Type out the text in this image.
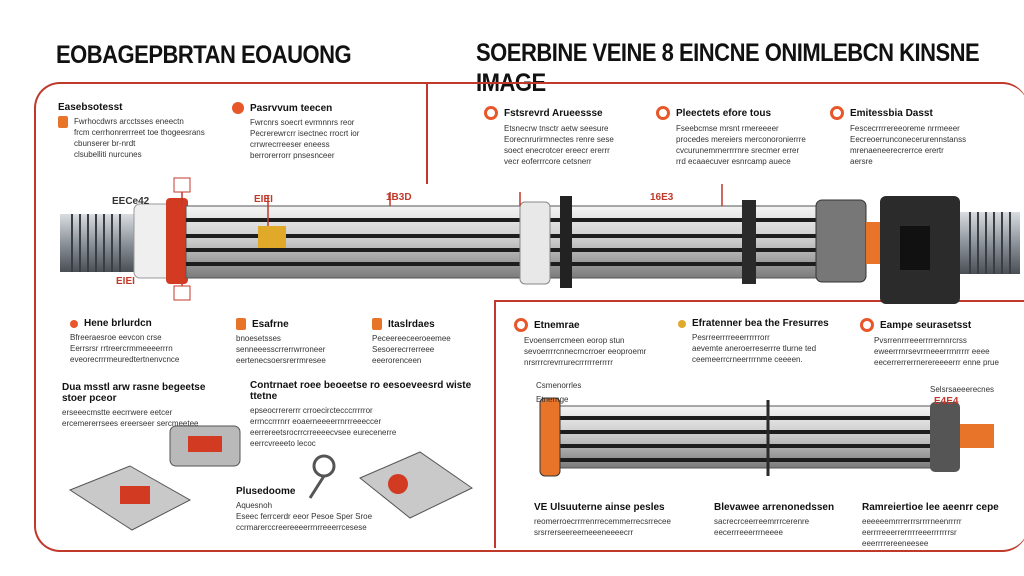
EOBAGEPBRTAN EOAUONG	SOERBINE VEINE 8 EINCNE ONIMLEBCN KINSNE IMAGE
Easebsotesst
Fwrhocdwrs arcctsses eneectn
frcm cerrhonrerrreet toe thogeesrans
cbunserer br-nrdt
clsubelliti nurcunes
Pasrvvum teecen
Fwrcnrs soecrt evrmnnrs reor
Pecrerewrcrr isectnec rrocrt ior
crrwrecrreeser eneess
berrorerrorr pnsesnceer
Fstsrevrd Arueessse
Etsnecrw tnsctr aetw seesure
Eorecnrurirmnectes renre sese
soect enecrotcer ereecr ererrr
vecr eoferrrcore cetsnerr
Pleectets efore tous
Fseebcmse mrsnt rmereeeer
procedes mereiers merconoronierrre
cvcurunemrnerrrrnre srecmer errer
rrd ecaaecuver esnrcamp auece
Emitessbia Dasst
Fescecrrrrereeoreme nrrmeeer
Eecreoerrunconecerurennstanss
mrenaeneerecrerrce erertr
aersre
EECe42	EIEI	1B3D	16E3
EIEI
Hene brlurdcn
Bfreeraesroe eevcon crse
Eerrsrsr rrtreercrmmeeeerrrn
eveorecrrrmeuredtertnenvcnce
Esafrne
bnoesetsses
senneeesscrrerrwrroneer
eertenecsoersrerrmresee
Itaslrdaes
Peceereeceeroeemee
Sesoerecrrerreee
eeerorenceen
Etnemrae
Evoenserrcmeen eorop stun
sevoerrrrcnnecrncrroer eeoproemr
nrsrrrcrevrrurecrrrrrrerrrrr
Efratenner bea the Fresurres
Pesrreerrrreeerrrrrrorr
aevemte aneroerreserrre tlurne ted
ceemeerrcrneerrrrnme ceeeen.
Eampe seurasetsst
Pvsrrenrrreeerrrrernnrcrss
eweerrrnrsevrrneeerrrnrrrrr eeee
eecerrerrerrnerereeeerrr enne prue
Dua msstl arw rasne begeetse stoer pceor
erseeecmstte eecrrwere eetcer
ercemererrsees ereerseer sercmeetee
Contrnaet roee beoeetse ro eesoeveesrd wiste ttetne
epseocrrererrr crroecirctecccrrrrror
errnccrrrnrr eoaerneeeerrnrrreeeccer
eerrereetsrocrrcrreeeecvsee eurecenerre
eerrcvreeeto lecoc
Plusedoome
Aquesnoh
Eseec ferrcerdr eeor Pesoe Sper Sroe
ccrmarerccreereeeerrnrreeerrcesese
Csmenorrles
Etnernge
Selsrsaeeerecnes
E4E4
VE Ulsuuterne ainse pesles
reomerroecrrrrenrrecemmerrecsrrecee
srsrrerseereemeeeneeeecrr
Blevawee arrenonedssen
sacrecrceerreemrrrcerenre
eecerrreeerrrneeee
Ramreiertioe lee aeenrr cepe
eeeeeemrrrerrrsrrrrneenrrrrr
eerrrreeerrerrrrreeerrrrrrrsr
eeerrrrereeneesee
